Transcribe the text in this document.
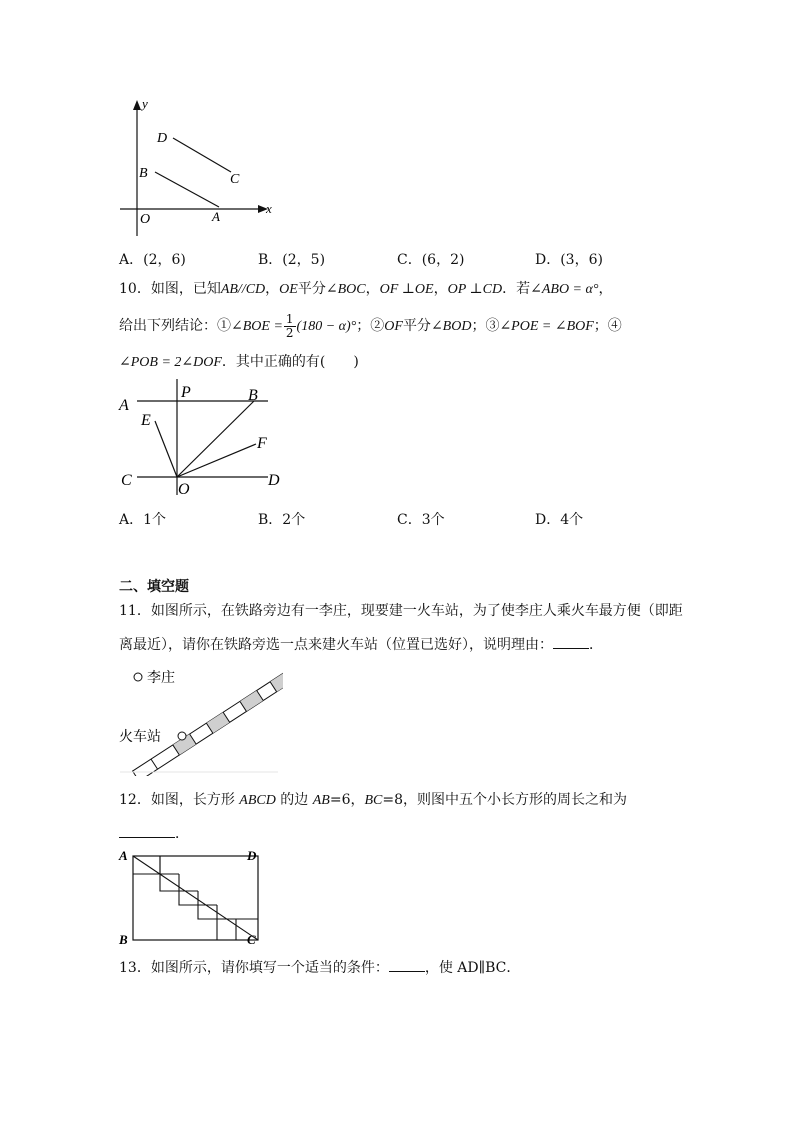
x
y
O	A
B	C
D
A．(2，6)	B．(2，5)	C．(6，2)	D．(3，6)
10．如图，已知AB//CD，OE平分∠BOC，OF ⊥OE，OP ⊥CD．若∠ABO = α°，
给出下列结论：①∠BOE = $\frac{1}{2} (180 - \alpha)^\circ$；②OF平分∠BOD；③∠POE = ∠BOF；④
∠POB = 2∠DOF．其中正确的有(　　)
A
P	B
E
F
C
O
D
A．1个	B．2个	C．3个	D．4个
二、填空题
11．如图所示，在铁路旁边有一李庄，现要建一火车站，为了使李庄人乘火车最方便（即距
离最近），请你在铁路旁选一点来建火车站（位置已选好），说明理由：	．
李庄
火车站
12．如图，长方形 ABCD 的边 AB=6，BC=8，则图中五个小长方形的周长之和为
．
A	D
B	C
13．如图所示，请你填写一个适当的条件：	，使 AD∥BC．
